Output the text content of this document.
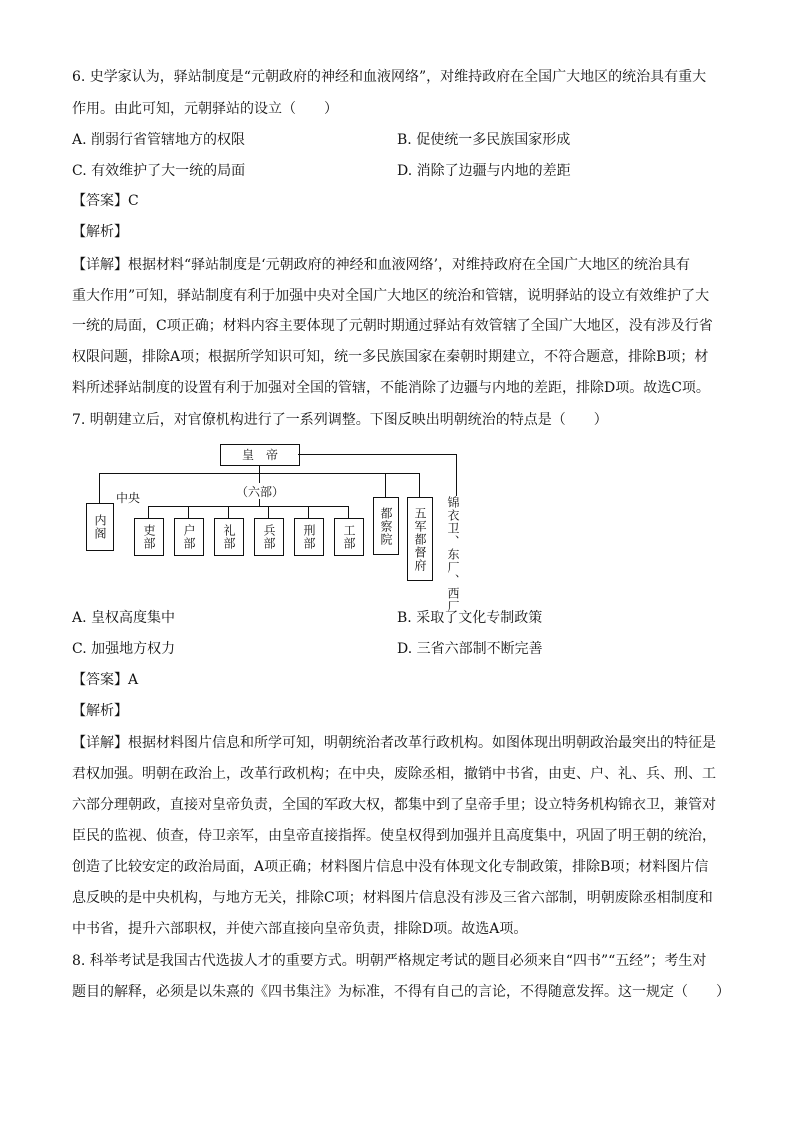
6. 史学家认为，驿站制度是“元朝政府的神经和血液网络”，对维持政府在全国广大地区的统治具有重大
作用。由此可知，元朝驿站的设立（　　）
A. 削弱行省管辖地方的权限	B. 促使统一多民族国家形成
C. 有效维护了大一统的局面	D. 消除了边疆与内地的差距
【答案】C
【解析】
【详解】根据材料“驿站制度是‘元朝政府的神经和血液网络’，对维持政府在全国广大地区的统治具有
重大作用”可知，驿站制度有利于加强中央对全国广大地区的统治和管辖，说明驿站的设立有效维护了大
一统的局面，C项正确；材料内容主要体现了元朝时期通过驿站有效管辖了全国广大地区，没有涉及行省
权限问题，排除A项；根据所学知识可知，统一多民族国家在秦朝时期建立，不符合题意，排除B项；材
料所述驿站制度的设置有利于加强对全国的管辖，不能消除了边疆与内地的差距，排除D项。故选C项。
7. 明朝建立后，对官僚机构进行了一系列调整。下图反映出明朝统治的特点是（　　）
皇　帝
中央	（六部）
内阁	吏部	户部	礼部	兵部	刑部	工部	都察院	五军都督府	锦衣卫、东厂、西厂
A. 皇权高度集中	B. 采取了文化专制政策
C. 加强地方权力	D. 三省六部制不断完善
【答案】A
【解析】
【详解】根据材料图片信息和所学可知，明朝统治者改革行政机构。如图体现出明朝政治最突出的特征是
君权加强。明朝在政治上，改革行政机构；在中央，废除丞相，撤销中书省，由吏、户、礼、兵、刑、工
六部分理朝政，直接对皇帝负责，全国的军政大权，都集中到了皇帝手里；设立特务机构锦衣卫，兼管对
臣民的监视、侦查，侍卫亲军，由皇帝直接指挥。使皇权得到加强并且高度集中，巩固了明王朝的统治，
创造了比较安定的政治局面，A项正确；材料图片信息中没有体现文化专制政策，排除B项；材料图片信
息反映的是中央机构，与地方无关，排除C项；材料图片信息没有涉及三省六部制，明朝废除丞相制度和
中书省，提升六部职权，并使六部直接向皇帝负责，排除D项。故选A项。
8. 科举考试是我国古代选拔人才的重要方式。明朝严格规定考试的题目必须来自“四书”“五经”；考生对
题目的解释，必须是以朱熹的《四书集注》为标准，不得有自己的言论，不得随意发挥。这一规定（　　）
